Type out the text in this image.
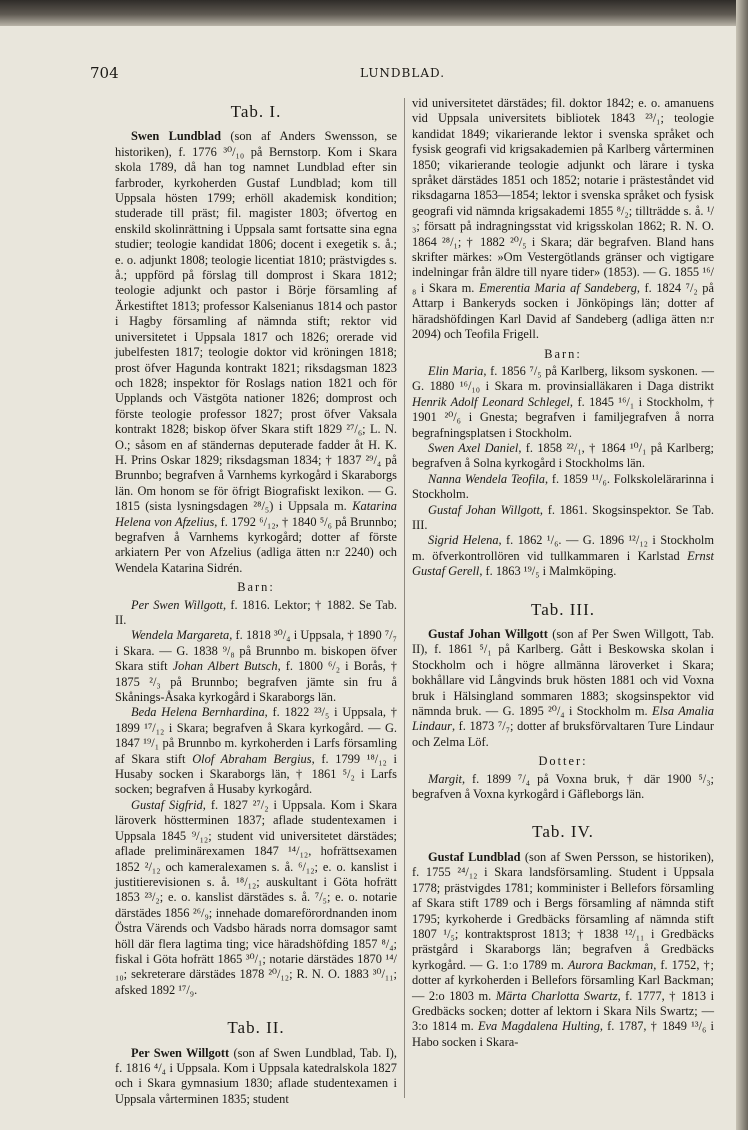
704	LUNDBLAD.
Tab. I.

Swen Lundblad (son af Anders Swensson, se historiken), f. 1776 ³⁰/₁₀ på Bernstorp. Kom i Skara skola 1789, då han tog namnet Lundblad efter sin farbroder, kyrkoherden Gustaf Lundblad; kom till Uppsala hösten 1799; erhöll akademisk kondition; studerade till präst; fil. magister 1803; öfvertog en enskild skolinrättning i Uppsala samt fortsatte sina egna studier; teologie kandidat 1806; docent i exegetik s. å.; e. o. adjunkt 1808; teologie licentiat 1810; prästvigdes s. å.; uppförd på förslag till domprost i Skara 1812; teologie adjunkt och pastor i Börje församling af Ärkestiftet 1813; professor Kalsenianus 1814 och pastor i Hagby församling af nämnda stift; rektor vid universitetet i Uppsala 1817 och 1826; orerade vid jubelfesten 1817; teologie doktor vid kröningen 1818; prost öfver Hagunda kontrakt 1821; riksdagsman 1823 och 1828; inspektor för Roslags nation 1821 och för Upplands och Västgöta nationer 1826; domprost och förste teologie professor 1827; prost öfver Vaksala kontrakt 1828; biskop öfver Skara stift 1829 ²⁷/₆; L. N. O.; såsom en af ständernas deputerade fadder åt H. K. H. Prins Oskar 1829; riksdagsman 1834; † 1837 ²⁹/₄ på Brunnbo; begrafven å Varnhems kyrkogård i Skaraborgs län. Om honom se för öfrigt Biografiskt lexikon. — G. 1815 (sista lysningsdagen ²⁸/₅) i Uppsala m. Katarina Helena von Afzelius, f. 1792 ⁶/₁₂, † 1840 ⁵/₆ på Brunnbo; begrafven å Varnhems kyrkogård; dotter af förste arkiatern Per von Afzelius (adliga ätten n:r 2240) och Wendela Katarina Sidrén.

Barn:

Per Swen Willgott, f. 1816. Lektor; † 1882. Se Tab. II.

Wendela Margareta, f. 1818 ³⁰/₄ i Uppsala, † 1890 ⁷/₇ i Skara. — G. 1838 ⁹/₈ på Brunnbo m. biskopen öfver Skara stift Johan Albert Butsch, f. 1800 ⁶/₂ i Borås, † 1875 ²/₃ på Brunnbo; begrafven jämte sin fru å Skånings-Åsaka kyrkogård i Skaraborgs län.

Beda Helena Bernhardina, f. 1822 ²³/₅ i Uppsala, † 1899 ¹⁷/₁₂ i Skara; begrafven å Skara kyrkogård. — G. 1847 ¹⁹/₁ på Brunnbo m. kyrkoherden i Larfs församling af Skara stift Olof Abraham Bergius, f. 1799 ¹⁸/₁₂ i Husaby socken i Skaraborgs län, † 1861 ⁵/₂ i Larfs socken; begrafven å Husaby kyrkogård.

Gustaf Sigfrid, f. 1827 ²⁷/₂ i Uppsala. Kom i Skara läroverk höstterminen 1837; aflade studentexamen i Uppsala 1845 ⁹/₁₂; student vid universitetet därstädes; aflade preliminärexamen 1847 ¹⁴/₁₂, hofrättsexamen 1852 ²/₁₂ och kameralexamen s. å. ⁶/₁₂; e. o. kanslist i justitierevisionen s. å. ¹⁸/₁₂; auskultant i Göta hofrätt 1853 ²³/₂; e. o. kanslist därstädes s. å. ⁷/₅; e. o. notarie därstädes 1856 ²⁶/₉; innehade domareförordnanden inom Östra Värends och Vadsbo härads norra domsagor samt höll där flera lagtima ting; vice häradshöfding 1857 ⁸/₄; fiskal i Göta hofrätt 1865 ³⁰/₁; notarie därstädes 1870 ¹⁴/₁₀; sekreterare därstädes 1878 ²⁰/₁₂; R. N. O. 1883 ³⁰/₁₁; afsked 1892 ¹⁷/₉.

Tab. II.

Per Swen Willgott (son af Swen Lundblad, Tab. I), f. 1816 ⁴/₄ i Uppsala. Kom i Uppsala katedralskola 1827 och i Skara gymnasium 1830; aflade studentexamen i Uppsala vårterminen 1835; student

vid universitetet därstädes; fil. doktor 1842; e. o. amanuens vid Uppsala universitets bibliotek 1843 ²³/₁; teologie kandidat 1849; vikarierande lektor i svenska språket och fysisk geografi vid krigsakademien på Karlberg vårterminen 1850; vikarierande teologie adjunkt och lärare i tyska språket därstädes 1851 och 1852; notarie i prästeståndet vid riksdagarna 1853—1854; lektor i svenska språket och fysisk geografi vid nämnda krigsakademi 1855 ⁸/₂; tillträdde s. å. ¹/₃; försatt på indragningsstat vid krigsskolan 1862; R. N. O. 1864 ²⁸/₁; † 1882 ²⁰/₅ i Skara; där begrafven. Bland hans skrifter märkes: »Om Vestergötlands gränser och vigtigare indelningar från äldre till nyare tider» (1853). — G. 1855 ¹⁶/₈ i Skara m. Emerentia Maria af Sandeberg, f. 1824 ⁷/₂ på Attarp i Bankeryds socken i Jönköpings län; dotter af häradshöfdingen Karl David af Sandeberg (adliga ätten n:r 2094) och Teofila Frigell.

Barn:

Elin Maria, f. 1856 ⁷/₅ på Karlberg, liksom syskonen. — G. 1880 ¹⁶/₁₀ i Skara m. provinsialläkaren i Daga distrikt Henrik Adolf Leonard Schlegel, f. 1845 ¹⁶/₁ i Stockholm, † 1901 ²⁰/₆ i Gnesta; begrafven i familjegrafven å norra begrafningsplatsen i Stockholm.

Swen Axel Daniel, f. 1858 ²²/₁, † 1864 ¹⁰/₁ på Karlberg; begrafven å Solna kyrkogård i Stockholms län.

Nanna Wendela Teofila, f. 1859 ¹¹/₆. Folkskolelärarinna i Stockholm.

Gustaf Johan Willgott, f. 1861. Skogsinspektor. Se Tab. III.

Sigrid Helena, f. 1862 ¹/₆. — G. 1896 ¹²/₁₂ i Stockholm m. öfverkontrollören vid tullkammaren i Karlstad Ernst Gustaf Gerell, f. 1863 ¹⁹/₅ i Malmköping.

Tab. III.

Gustaf Johan Willgott (son af Per Swen Willgott, Tab. II), f. 1861 ⁵/₁ på Karlberg. Gått i Beskowska skolan i Stockholm och i högre allmänna läroverket i Skara; bokhållare vid Långvinds bruk hösten 1881 och vid Voxna bruk i Hälsingland sommaren 1883; skogsinspektor vid nämnda bruk. — G. 1895 ²⁰/₄ i Stockholm m. Elsa Amalia Lindaur, f. 1873 ⁷/₇; dotter af bruksförvaltaren Ture Lindaur och Zelma Löf.

Dotter:

Margit, f. 1899 ⁷/₄ på Voxna bruk, † där 1900 ⁵/₃; begrafven å Voxna kyrkogård i Gäfleborgs län.

Tab. IV.

Gustaf Lundblad (son af Swen Persson, se historiken), f. 1755 ²⁴/₁₂ i Skara landsförsamling. Student i Uppsala 1778; prästvigdes 1781; komminister i Bellefors församling af Skara stift 1789 och i Bergs församling af nämnda stift 1795; kyrkoherde i Gredbäcks församling af nämnda stift 1807 ¹/₅; kontraktsprost 1813; † 1838 ¹²/₁₁ i Gredbäcks prästgård i Skaraborgs län; begrafven å Gredbäcks kyrkogård. — G. 1:o 1789 m. Aurora Backman, f. 1752, †; dotter af kyrkoherden i Bellefors församling Karl Backman; — 2:o 1803 m. Märta Charlotta Swartz, f. 1777, † 1813 i Gredbäcks socken; dotter af lektorn i Skara Nils Swartz; — 3:o 1814 m. Eva Magdalena Hulting, f. 1787, † 1849 ¹³/₆ i Habo socken i Skara-
